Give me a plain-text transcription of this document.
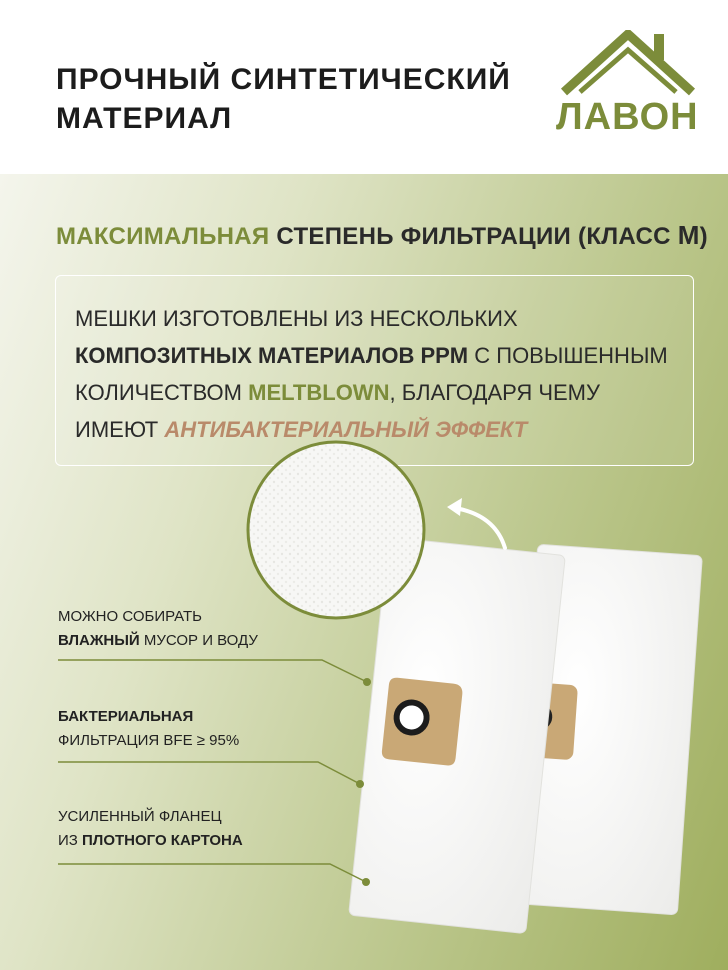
ПРОЧНЫЙ СИНТЕТИЧЕСКИЙ
МАТЕРИАЛ	ЛАВОН
МАКСИМАЛЬНАЯ СТЕПЕНЬ ФИЛЬТРАЦИИ (КЛАСС M)
МЕШКИ ИЗГОТОВЛЕНЫ ИЗ НЕСКОЛЬКИХ КОМПОЗИТНЫХ МАТЕРИАЛОВ PPM С ПОВЫШЕННЫМ КОЛИЧЕСТВОМ MELTBLOWN, БЛАГОДАРЯ ЧЕМУ ИМЕЮТ АНТИБАКТЕРИАЛЬНЫЙ ЭФФЕКТ
МОЖНО СОБИРАТЬ
ВЛАЖНЫЙ МУСОР И ВОДУ
БАКТЕРИАЛЬНАЯ
ФИЛЬТРАЦИЯ BFE ≥ 95%
УСИЛЕННЫЙ ФЛАНЕЦ
ИЗ ПЛОТНОГО КАРТОНА
